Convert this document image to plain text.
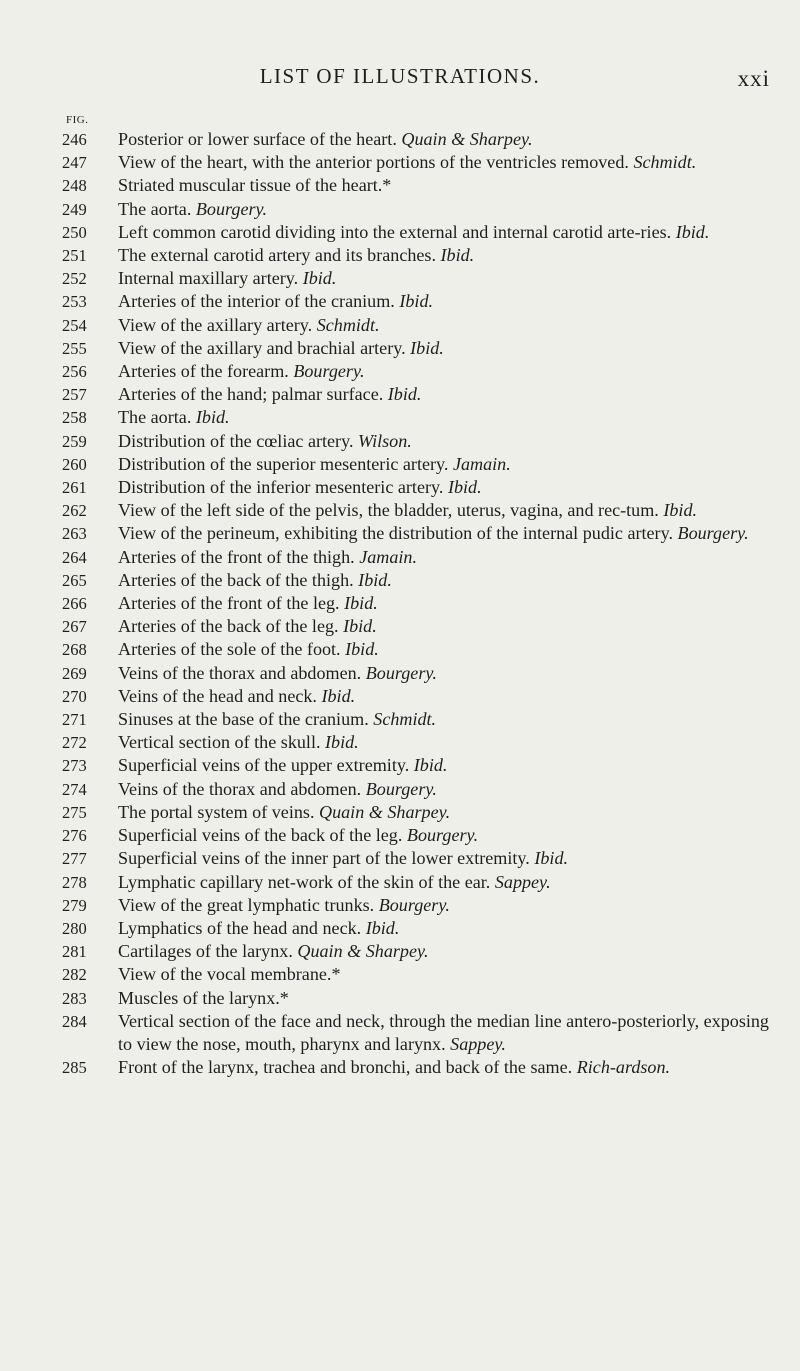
LIST OF ILLUSTRATIONS.	xxi
FIG.
246	Posterior or lower surface of the heart. Quain & Sharpey.
247	View of the heart, with the anterior portions of the ventricles removed. Schmidt.
248	Striated muscular tissue of the heart.*
249	The aorta. Bourgery.
250	Left common carotid dividing into the external and internal carotid arte-ries. Ibid.
251	The external carotid artery and its branches. Ibid.
252	Internal maxillary artery. Ibid.
253	Arteries of the interior of the cranium. Ibid.
254	View of the axillary artery. Schmidt.
255	View of the axillary and brachial artery. Ibid.
256	Arteries of the forearm. Bourgery.
257	Arteries of the hand; palmar surface. Ibid.
258	The aorta. Ibid.
259	Distribution of the cœliac artery. Wilson.
260	Distribution of the superior mesenteric artery. Jamain.
261	Distribution of the inferior mesenteric artery. Ibid.
262	View of the left side of the pelvis, the bladder, uterus, vagina, and rec-tum. Ibid.
263	View of the perineum, exhibiting the distribution of the internal pudic artery. Bourgery.
264	Arteries of the front of the thigh. Jamain.
265	Arteries of the back of the thigh. Ibid.
266	Arteries of the front of the leg. Ibid.
267	Arteries of the back of the leg. Ibid.
268	Arteries of the sole of the foot. Ibid.
269	Veins of the thorax and abdomen. Bourgery.
270	Veins of the head and neck. Ibid.
271	Sinuses at the base of the cranium. Schmidt.
272	Vertical section of the skull. Ibid.
273	Superficial veins of the upper extremity. Ibid.
274	Veins of the thorax and abdomen. Bourgery.
275	The portal system of veins. Quain & Sharpey.
276	Superficial veins of the back of the leg. Bourgery.
277	Superficial veins of the inner part of the lower extremity. Ibid.
278	Lymphatic capillary net-work of the skin of the ear. Sappey.
279	View of the great lymphatic trunks. Bourgery.
280	Lymphatics of the head and neck. Ibid.
281	Cartilages of the larynx. Quain & Sharpey.
282	View of the vocal membrane.*
283	Muscles of the larynx.*
284	Vertical section of the face and neck, through the median line antero-posteriorly, exposing to view the nose, mouth, pharynx and larynx. Sappey.
285	Front of the larynx, trachea and bronchi, and back of the same. Rich-ardson.
